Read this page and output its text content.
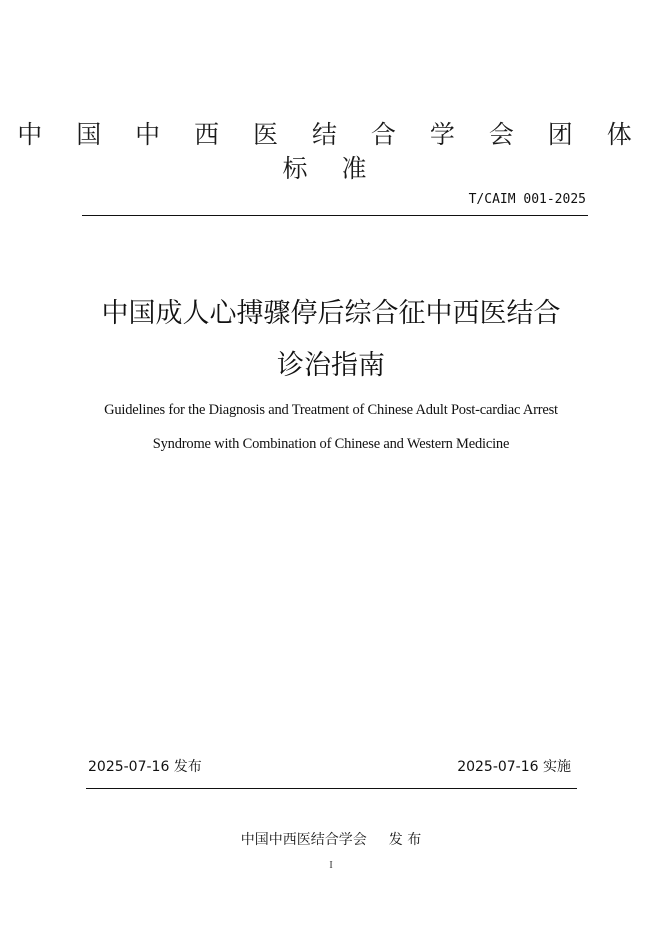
中 国 中 西 医 结 合 学 会 团 体 标 准
T/CAIM 001-2025
中国成人心搏骤停后综合征中西医结合
诊治指南
Guidelines for the Diagnosis and Treatment of Chinese Adult Post-cardiac Arrest
Syndrome with Combination of Chinese and Western Medicine
2025-07-16 发布	2025-07-16 实施
中国中西医结合学会 发 布
I
